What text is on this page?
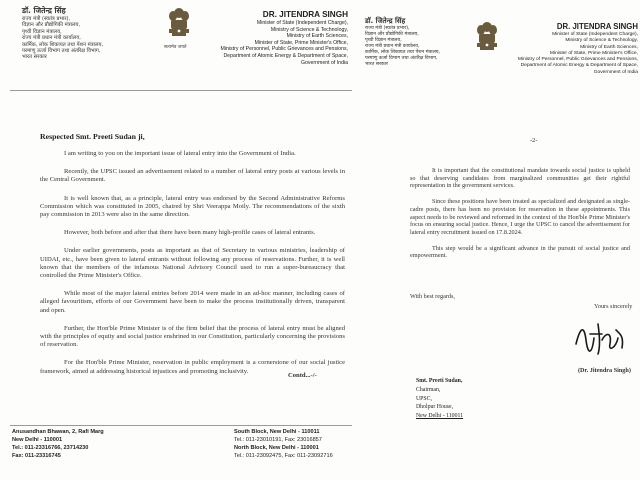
डॉ. जितेन्द्र सिंह
राज्य मंत्री (स्वतंत्र प्रभार),
विज्ञान और प्रौद्योगिकी मंत्रालय,
पृथ्वी विज्ञान मंत्रालय,
राज्य मंत्री प्रधान मंत्री कार्यालय,
कार्मिक, लोक शिकायत तथा पेंशन मंत्रालय,
परमाणु ऊर्जा विभाग तथा अंतरिक्ष विभाग,
भारत सरकार
सत्यमेव जयते
DR. JITENDRA SINGH
Minister of State (Independent Charge),
Ministry of Science & Technology,
Ministry of Earth Sciences,
Minister of State, Prime Minister's Office,
Ministry of Personnel, Public Grievances and Pensions,
Department of Atomic Energy & Department of Space,
Government of India
Respected Smt. Preeti Sudan ji,

I am writing to you on the important issue of lateral entry into the Government of India.

Recently, the UPSC issued an advertisement related to a number of lateral entry posts at various levels in the Central Government.

It is well known that, as a principle, lateral entry was endorsed by the Second Administrative Reforms Commission which was constituted in 2005, chaired by Shri Veerappa Moily. The recommendations of the sixth pay commission in 2013 were also in the same direction.

However, both before and after that there have been many high-profile cases of lateral entrants.

Under earlier governments, posts as important as that of Secretary in various ministries, leadership of UIDAI, etc., have been given to lateral entrants without following any process of reservations. Further, it is well known that the members of the infamous National Advisory Council used to run a super-bureaucracy that controlled the Prime Minister's Office.

While most of the major lateral entries before 2014 were made in an ad-hoc manner, including cases of alleged favouritism, efforts of our Government have been to make the process institutionally driven, transparent and open.

Further, the Hon'ble Prime Minister is of the firm belief that the process of lateral entry must be aligned with the principles of equity and social justice enshrined in our Constitution, particularly concerning the provisions of reservation.

For the Hon'ble Prime Minister, reservation in public employment is a cornerstone of our social justice framework, aimed at addressing historical injustices and promoting inclusivity.

Contd...-/-
Anusandhan Bhawan, 2, Rafi Marg
New Delhi - 110001
Tel.: 011-23316766, 23714230
Fax: 011-23316745
South Block, New Delhi - 110011
Tel.: 011-23010191, Fax: 23016857
North Block, New Delhi - 110001
Tel.: 011-23092475, Fax: 011-23092716
डॉ. जितेन्द्र सिंह
राज्य मंत्री (स्वतंत्र प्रभार),
विज्ञान और प्रौद्योगिकी मंत्रालय,
पृथ्वी विज्ञान मंत्रालय,
राज्य मंत्री प्रधान मंत्री कार्यालय,
कार्मिक, लोक शिकायत तथा पेंशन मंत्रालय,
परमाणु ऊर्जा विभाग तथा अंतरिक्ष विभाग,
भारत सरकार
DR. JITENDRA SINGH
Minister of State (Independent Charge),
Ministry of Science & Technology,
Ministry of Earth Sciences,
Minister of State, Prime Minister's Office,
Ministry of Personnel, Public Grievances and Pensions,
Department of Atomic Energy & Department of Space,
Government of India
-2-

It is important that the constitutional mandate towards social justice is upheld so that deserving candidates from marginalized communities get their rightful representation in the government services.

Since these positions have been treated as specialized and designated as single-cadre posts, there has been no provision for reservation in these appointments. This aspect needs to be reviewed and reformed in the context of the Hon'ble Prime Minister's focus on ensuring social justice. Hence, I urge the UPSC to cancel the advertisement for lateral entry recruitment issued on 17.8.2024.

This step would be a significant advance in the pursuit of social justice and empowerment.

With best regards,
Yours sincerely
(Dr. Jitendra Singh)
Smt. Preeti Sudan,
Chairman,
UPSC,
Dholpur House,
New Delhi - 110011
